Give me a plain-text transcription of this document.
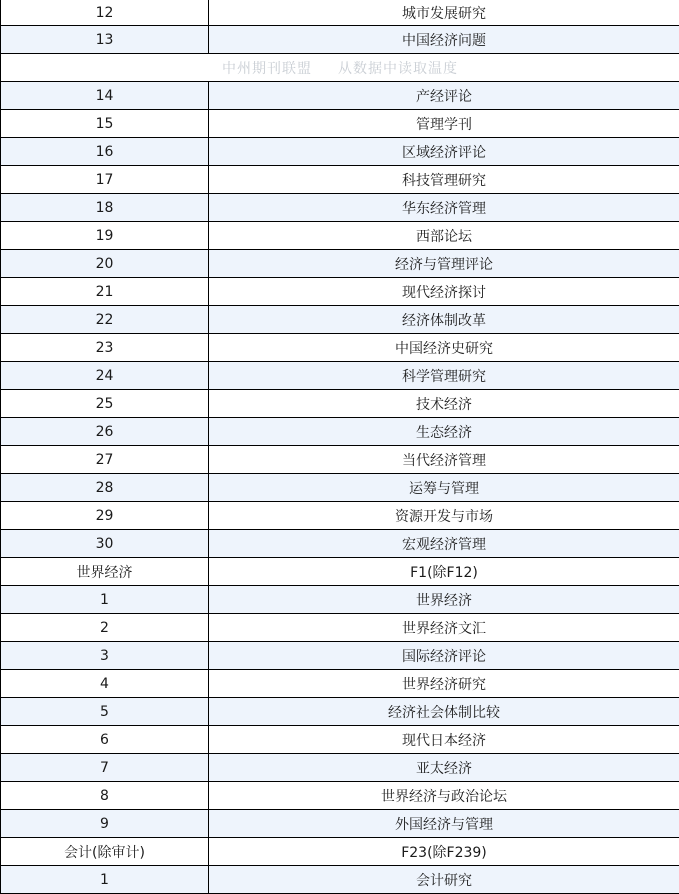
12	城市发展研究
13	中国经济问题
中州期刊联盟 从数据中读取温度	
14	产经评论
15	管理学刊
16	区域经济评论
17	科技管理研究
18	华东经济管理
19	西部论坛
20	经济与管理评论
21	现代经济探讨
22	经济体制改革
23	中国经济史研究
24	科学管理研究
25	技术经济
26	生态经济
27	当代经济管理
28	运筹与管理
29	资源开发与市场
30	宏观经济管理
世界经济	F1(除F12)
1	世界经济
2	世界经济文汇
3	国际经济评论
4	世界经济研究
5	经济社会体制比较
6	现代日本经济
7	亚太经济
8	世界经济与政治论坛
9	外国经济与管理
会计(除审计)	F23(除F239)
1	会计研究
